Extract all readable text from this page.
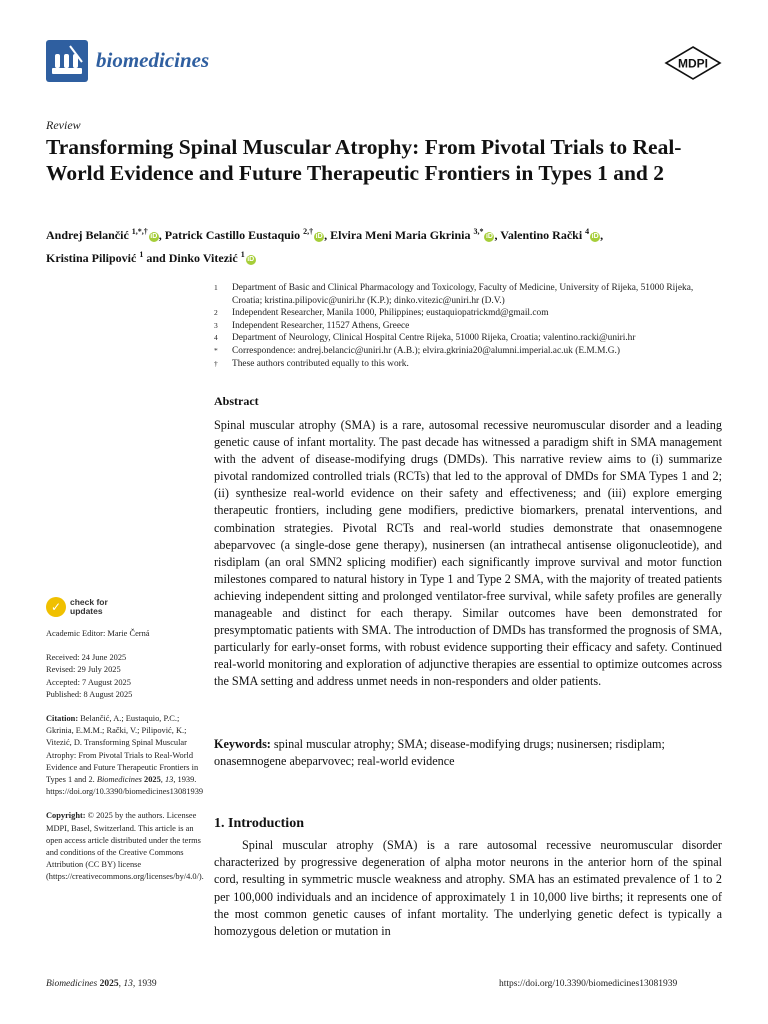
biomedicines	MDPI
Review
Transforming Spinal Muscular Atrophy: From Pivotal Trials to Real-World Evidence and Future Therapeutic Frontiers in Types 1 and 2
Andrej Belančić $^{1,*,\dagger}$iD , Patrick Castillo Eustaquio $^{2,\dagger}$iD , Elvira Meni Maria Gkrinia $^{3,*}$iD , Valentino Rački $^4$iD ,
Kristina Pilipović $^1$ and Dinko Vitezić $^1$iD
1	Department of Basic and Clinical Pharmacology and Toxicology, Faculty of Medicine, University of Rijeka, 51000 Rijeka, Croatia; kristina.pilipovic@uniri.hr (K.P.); dinko.vitezic@uniri.hr (D.V.)
2	Independent Researcher, Manila 1000, Philippines; eustaquiopatrickmd@gmail.com
3	Independent Researcher, 11527 Athens, Greece
4	Department of Neurology, Clinical Hospital Centre Rijeka, 51000 Rijeka, Croatia; valentino.racki@uniri.hr
*	Correspondence: andrej.belancic@uniri.hr (A.B.); elvira.gkrinia20@alumni.imperial.ac.uk (E.M.M.G.)
†	These authors contributed equally to this work.
Abstract
Spinal muscular atrophy (SMA) is a rare, autosomal recessive neuromuscular disorder and a leading genetic cause of infant mortality. The past decade has witnessed a paradigm shift in SMA management with the advent of disease-modifying drugs (DMDs). This narrative review aims to (i) summarize pivotal randomized controlled trials (RCTs) that led to the approval of DMDs for SMA Types 1 and 2; (ii) synthesize real-world evidence on their safety and effectiveness; and (iii) explore emerging therapeutic frontiers, including gene modifiers, predictive biomarkers, prenatal interventions, and combination strategies. Pivotal RCTs and real-world studies demonstrate that onasemnogene abeparvovec (a single-dose gene therapy), nusinersen (an intrathecal antisense oligonucleotide), and risdiplam (an oral SMN2 splicing modifier) each significantly improve survival and motor function milestones compared to natural history in Type 1 and Type 2 SMA, with the majority of treated patients achieving independent sitting and prolonged ventilator-free survival, while safety profiles are generally manageable and distinct for each therapy. Similar outcomes have been demonstrated for presymptomatic patients with SMA. The introduction of DMDs has transformed the prognosis of SMA, particularly for early-onset forms, with robust evidence supporting their efficacy and safety. Continued real-world monitoring and exploration of adjunctive therapies are essential to optimize outcomes across the SMA setting and address unmet needs in non-responders and older patients.
Keywords: spinal muscular atrophy; SMA; disease-modifying drugs; nusinersen; risdiplam; onasemnogene abeparvovec; real-world evidence
1. Introduction
Spinal muscular atrophy (SMA) is a rare autosomal recessive neuromuscular disorder characterized by progressive degeneration of alpha motor neurons in the anterior horn of the spinal cord, resulting in symmetric muscle weakness and atrophy. SMA has an estimated prevalence of 1 to 2 per 100,000 individuals and an incidence of approximately 1 in 10,000 live births; it represents one of the most common genetic causes of infant mortality. The underlying genetic defect is typically a homozygous deletion or mutation in
✓	check for
updates
Academic Editor: Marie Černá
Received: 24 June 2025
Revised: 29 July 2025
Accepted: 7 August 2025
Published: 8 August 2025
Citation: Belančić, A.; Eustaquio, P.C.; Gkrinia, E.M.M.; Rački, V.; Pilipović, K.; Vitezić, D. Transforming Spinal Muscular Atrophy: From Pivotal Trials to Real-World Evidence and Future Therapeutic Frontiers in Types 1 and 2. Biomedicines 2025, 13, 1939. https://doi.org/10.3390/biomedicines13081939
Copyright: © 2025 by the authors. Licensee MDPI, Basel, Switzerland. This article is an open access article distributed under the terms and conditions of the Creative Commons Attribution (CC BY) license (https://creativecommons.org/licenses/by/4.0/).
Biomedicines 2025, 13, 1939	https://doi.org/10.3390/biomedicines13081939
